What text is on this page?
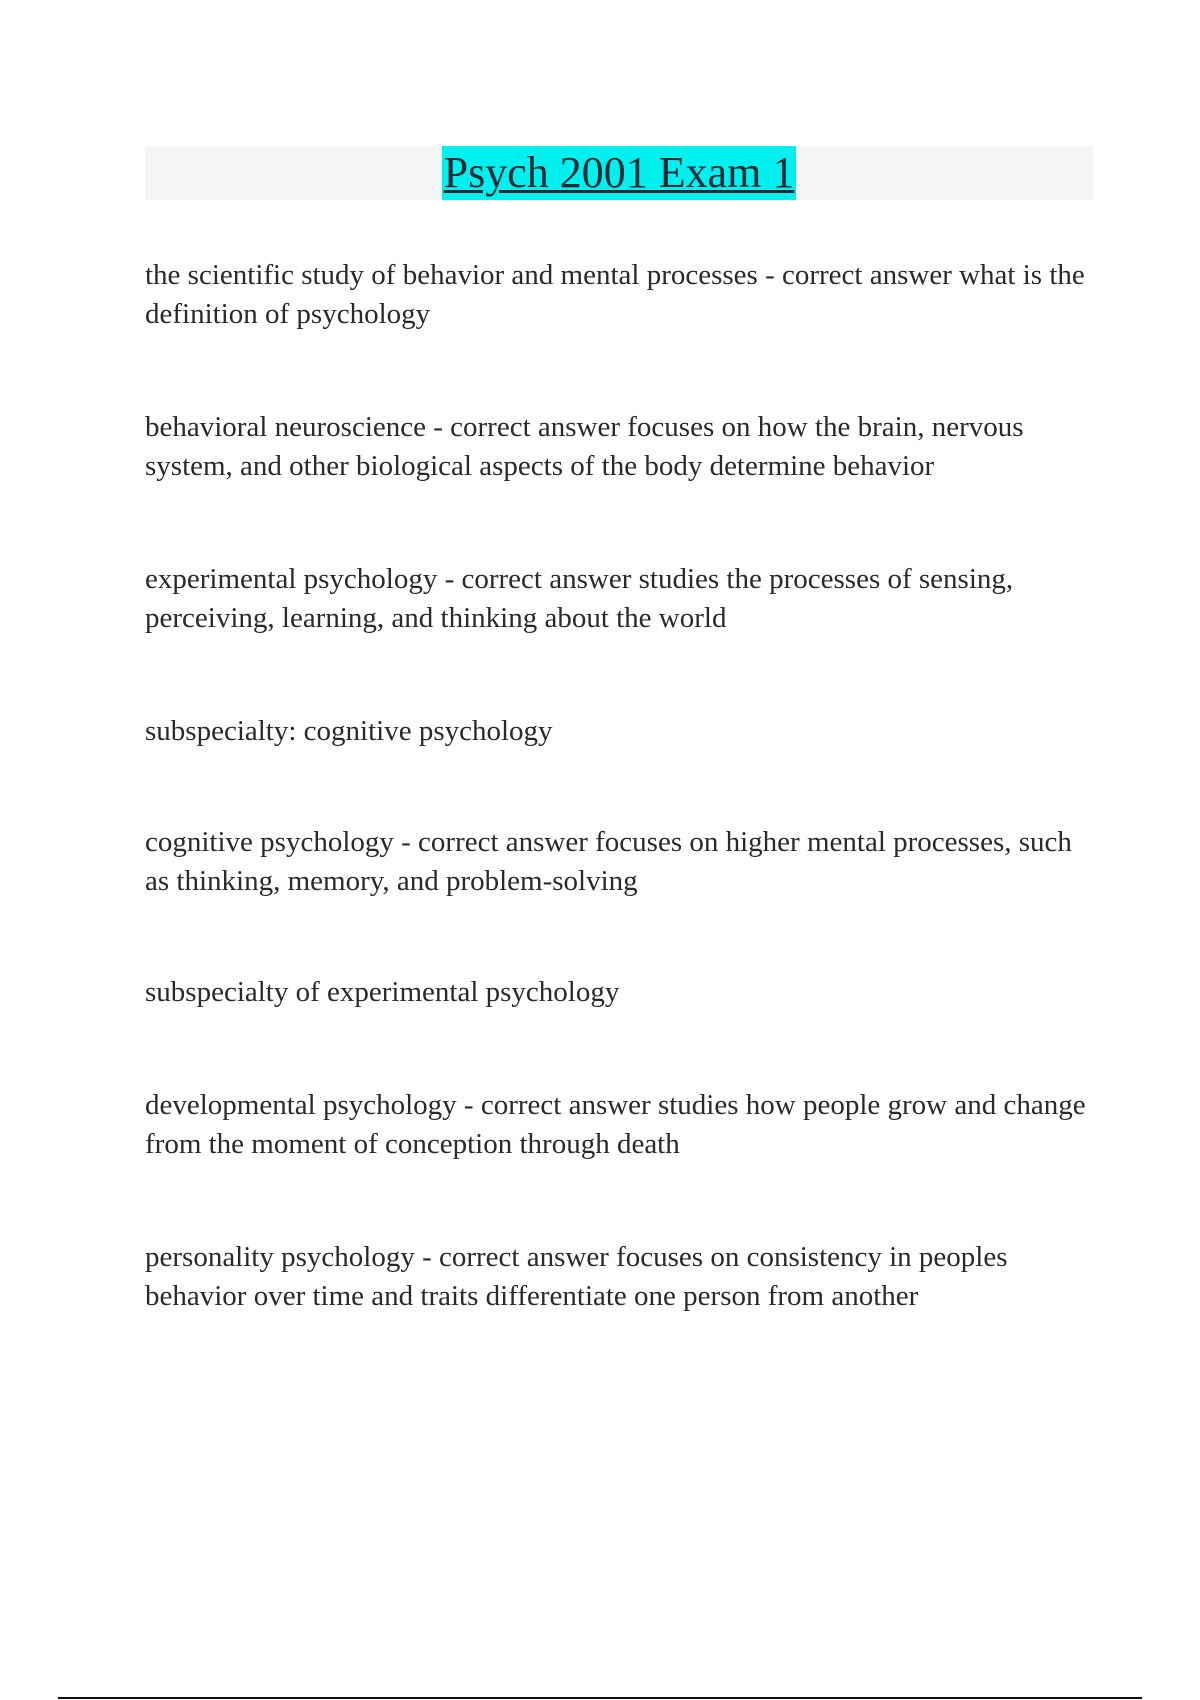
Psych 2001 Exam 1

the scientific study of behavior and mental processes - correct answer what is the definition of psychology

behavioral neuroscience - correct answer focuses on how the brain, nervous system, and other biological aspects of the body determine behavior

experimental psychology - correct answer studies the processes of sensing, perceiving, learning, and thinking about the world

subspecialty: cognitive psychology

cognitive psychology - correct answer focuses on higher mental processes, such as thinking, memory, and problem-solving

subspecialty of experimental psychology

developmental psychology - correct answer studies how people grow and change from the moment of conception through death

personality psychology - correct answer focuses on consistency in peoples behavior over time and traits differentiate one person from another
